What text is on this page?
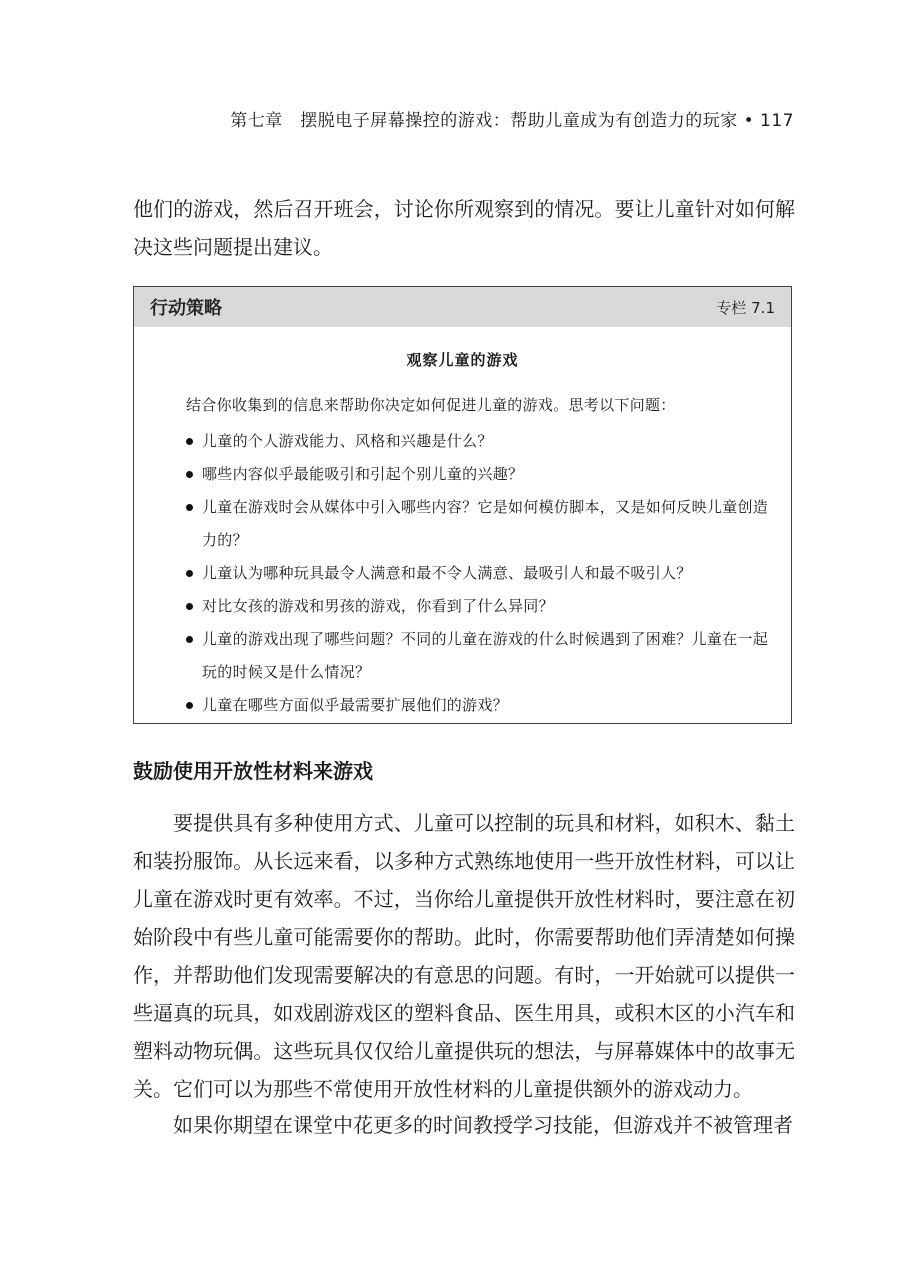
第七章　摆脱电子屏幕操控的游戏：帮助儿童成为有创造力的玩家 • 117

他们的游戏，然后召开班会，讨论你所观察到的情况。要让儿童针对如何解决这些问题提出建议。

行动策略	专栏 7.1
观察儿童的游戏
结合你收集到的信息来帮助你决定如何促进儿童的游戏。思考以下问题：
儿童的个人游戏能力、风格和兴趣是什么？
哪些内容似乎最能吸引和引起个别儿童的兴趣？
儿童在游戏时会从媒体中引入哪些内容？它是如何模仿脚本，又是如何反映儿童创造力的？
儿童认为哪种玩具最令人满意和最不令人满意、最吸引人和最不吸引人？
对比女孩的游戏和男孩的游戏，你看到了什么异同？
儿童的游戏出现了哪些问题？不同的儿童在游戏的什么时候遇到了困难？儿童在一起玩的时候又是什么情况？
儿童在哪些方面似乎最需要扩展他们的游戏？
鼓励使用开放性材料来游戏

要提供具有多种使用方式、儿童可以控制的玩具和材料，如积木、黏土和装扮服饰。从长远来看，以多种方式熟练地使用一些开放性材料，可以让儿童在游戏时更有效率。不过，当你给儿童提供开放性材料时，要注意在初始阶段中有些儿童可能需要你的帮助。此时，你需要帮助他们弄清楚如何操作，并帮助他们发现需要解决的有意思的问题。有时，一开始就可以提供一些逼真的玩具，如戏剧游戏区的塑料食品、医生用具，或积木区的小汽车和塑料动物玩偶。这些玩具仅仅给儿童提供玩的想法，与屏幕媒体中的故事无关。它们可以为那些不常使用开放性材料的儿童提供额外的游戏动力。

如果你期望在课堂中花更多的时间教授学习技能，但游戏并不被管理者
